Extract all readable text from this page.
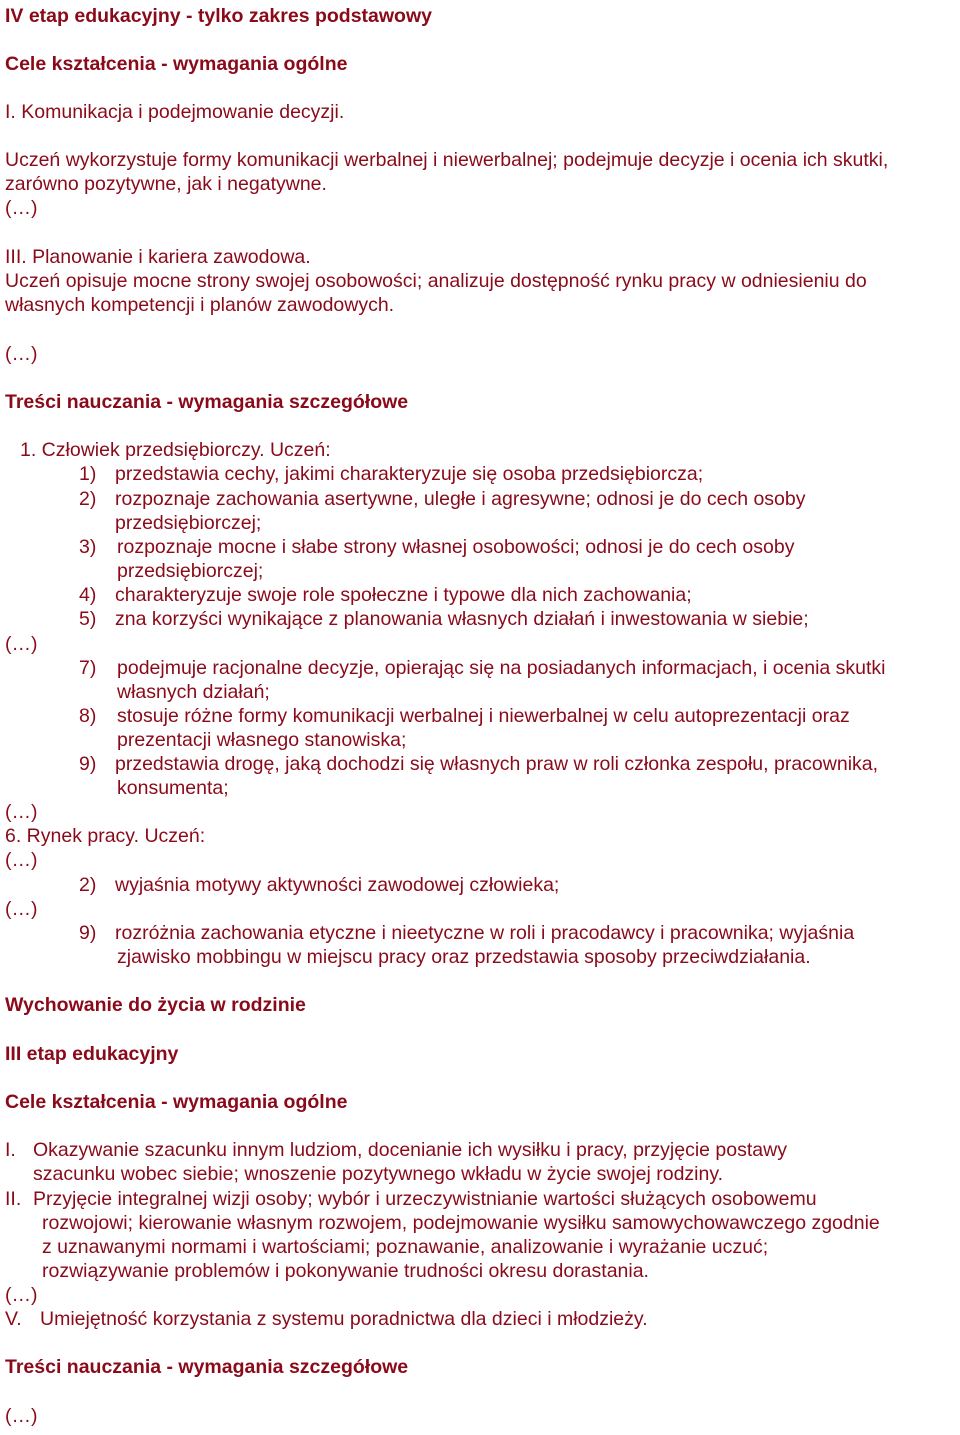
IV etap edukacyjny - tylko zakres podstawowy

Cele kształcenia - wymagania ogólne

I. Komunikacja i podejmowanie decyzji.

Uczeń wykorzystuje formy komunikacji werbalnej i niewerbalnej; podejmuje decyzje i ocenia ich skutki,

zarówno pozytywne, jak i negatywne.

(…)

III. Planowanie i kariera zawodowa.

Uczeń opisuje mocne strony swojej osobowości; analizuje dostępność rynku pracy w odniesieniu do

własnych kompetencji i planów zawodowych.

(…)

Treści nauczania - wymagania szczegółowe

1. Człowiek przedsiębiorczy. Uczeń:

1) przedstawia cechy, jakimi charakteryzuje się osoba przedsiębiorcza;

2) rozpoznaje zachowania asertywne, uległe i agresywne; odnosi je do cech osoby

przedsiębiorczej;

3) rozpoznaje mocne i słabe strony własnej osobowości; odnosi je do cech osoby

przedsiębiorczej;

4) charakteryzuje swoje role społeczne i typowe dla nich zachowania;

5) zna korzyści wynikające z planowania własnych działań i inwestowania w siebie;

(…)

7) podejmuje racjonalne decyzje, opierając się na posiadanych informacjach, i ocenia skutki

własnych działań;

8) stosuje różne formy komunikacji werbalnej i niewerbalnej w celu autoprezentacji oraz

prezentacji własnego stanowiska;

9) przedstawia drogę, jaką dochodzi się własnych praw w roli członka zespołu, pracownika,

konsumenta;

(…)

6. Rynek pracy. Uczeń:

(…)

2) wyjaśnia motywy aktywności zawodowej człowieka;

(…)

9) rozróżnia zachowania etyczne i nieetyczne w roli i pracodawcy i pracownika; wyjaśnia

zjawisko mobbingu w miejscu pracy oraz przedstawia sposoby przeciwdziałania.

Wychowanie do życia w rodzinie

III etap edukacyjny

Cele kształcenia - wymagania ogólne

I. Okazywanie szacunku innym ludziom, docenianie ich wysiłku i pracy, przyjęcie postawy

szacunku wobec siebie; wnoszenie pozytywnego wkładu w życie swojej rodziny.

II. Przyjęcie integralnej wizji osoby; wybór i urzeczywistnianie wartości służących osobowemu

rozwojowi; kierowanie własnym rozwojem, podejmowanie wysiłku samowychowawczego zgodnie

z uznawanymi normami i wartościami; poznawanie, analizowanie i wyrażanie uczuć;

rozwiązywanie problemów i pokonywanie trudności okresu dorastania.

(…)

V. Umiejętność korzystania z systemu poradnictwa dla dzieci i młodzieży.

Treści nauczania - wymagania szczegółowe

(…)
